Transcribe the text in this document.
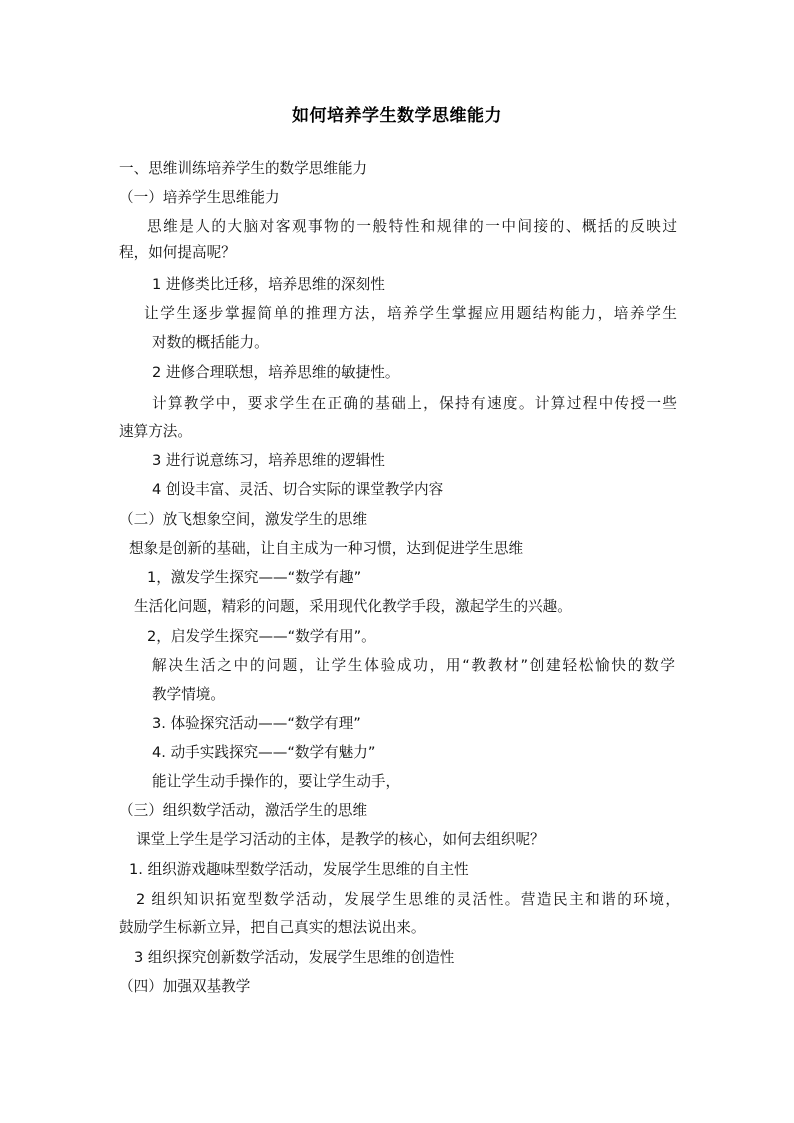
如何培养学生数学思维能力
一、思维训练培养学生的数学思维能力
（一）培养学生思维能力
思维是人的大脑对客观事物的一般特性和规律的一中间接的、概括的反映过
程，如何提高呢？
1 进修类比迁移，培养思维的深刻性
让学生逐步掌握简单的推理方法，培养学生掌握应用题结构能力，培养学生
对数的概括能力。
2 进修合理联想，培养思维的敏捷性。
计算教学中，要求学生在正确的基础上，保持有速度。计算过程中传授一些
速算方法。
3 进行说意练习，培养思维的逻辑性
4 创设丰富、灵活、切合实际的课堂教学内容
（二）放飞想象空间，激发学生的思维
想象是创新的基础，让自主成为一种习惯，达到促进学生思维
1，激发学生探究——“数学有趣”
生活化问题，精彩的问题，采用现代化教学手段，激起学生的兴趣。
2，启发学生探究——“数学有用”。
解决生活之中的问题，让学生体验成功，用“教教材”创建轻松愉快的数学
教学情境。
3. 体验探究活动——“数学有理”
4. 动手实践探究——“数学有魅力”
能让学生动手操作的，要让学生动手，
（三）组织数学活动，激活学生的思维
课堂上学生是学习活动的主体，是教学的核心，如何去组织呢？
1. 组织游戏趣味型数学活动，发展学生思维的自主性
2 组织知识拓宽型数学活动，发展学生思维的灵活性。营造民主和谐的环境，
鼓励学生标新立异，把自己真实的想法说出来。
3 组织探究创新数学活动，发展学生思维的创造性
（四）加强双基教学
